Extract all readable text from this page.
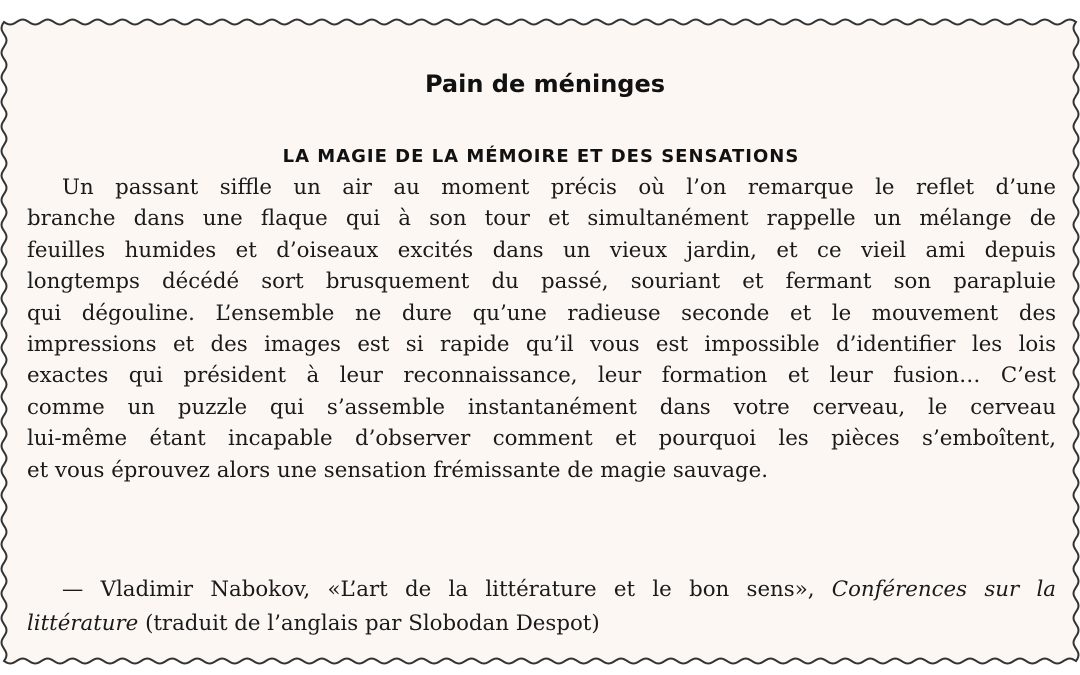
Pain de méninges
LA MAGIE DE LA MÉMOIRE ET DES SENSATIONS
Un passant siffle un air au moment précis où l’on remarque le reflet d’une
branche dans une flaque qui à son tour et simultanément rappelle un mélange de
feuilles humides et d’oiseaux excités dans un vieux jardin, et ce vieil ami depuis
longtemps décédé sort brusquement du passé, souriant et fermant son parapluie
qui dégouline. L’ensemble ne dure qu’une radieuse seconde et le mouvement des
impressions et des images est si rapide qu’il vous est impossible d’identifier les lois
exactes qui président à leur reconnaissance, leur formation et leur fusion… C’est
comme un puzzle qui s’assemble instantanément dans votre cerveau, le cerveau
lui-même étant incapable d’observer comment et pourquoi les pièces s’emboîtent,
et vous éprouvez alors une sensation frémissante de magie sauvage.
— Vladimir Nabokov, «L’art de la littérature et le bon sens», Conférences sur la
littérature (traduit de l’anglais par Slobodan Despot)
